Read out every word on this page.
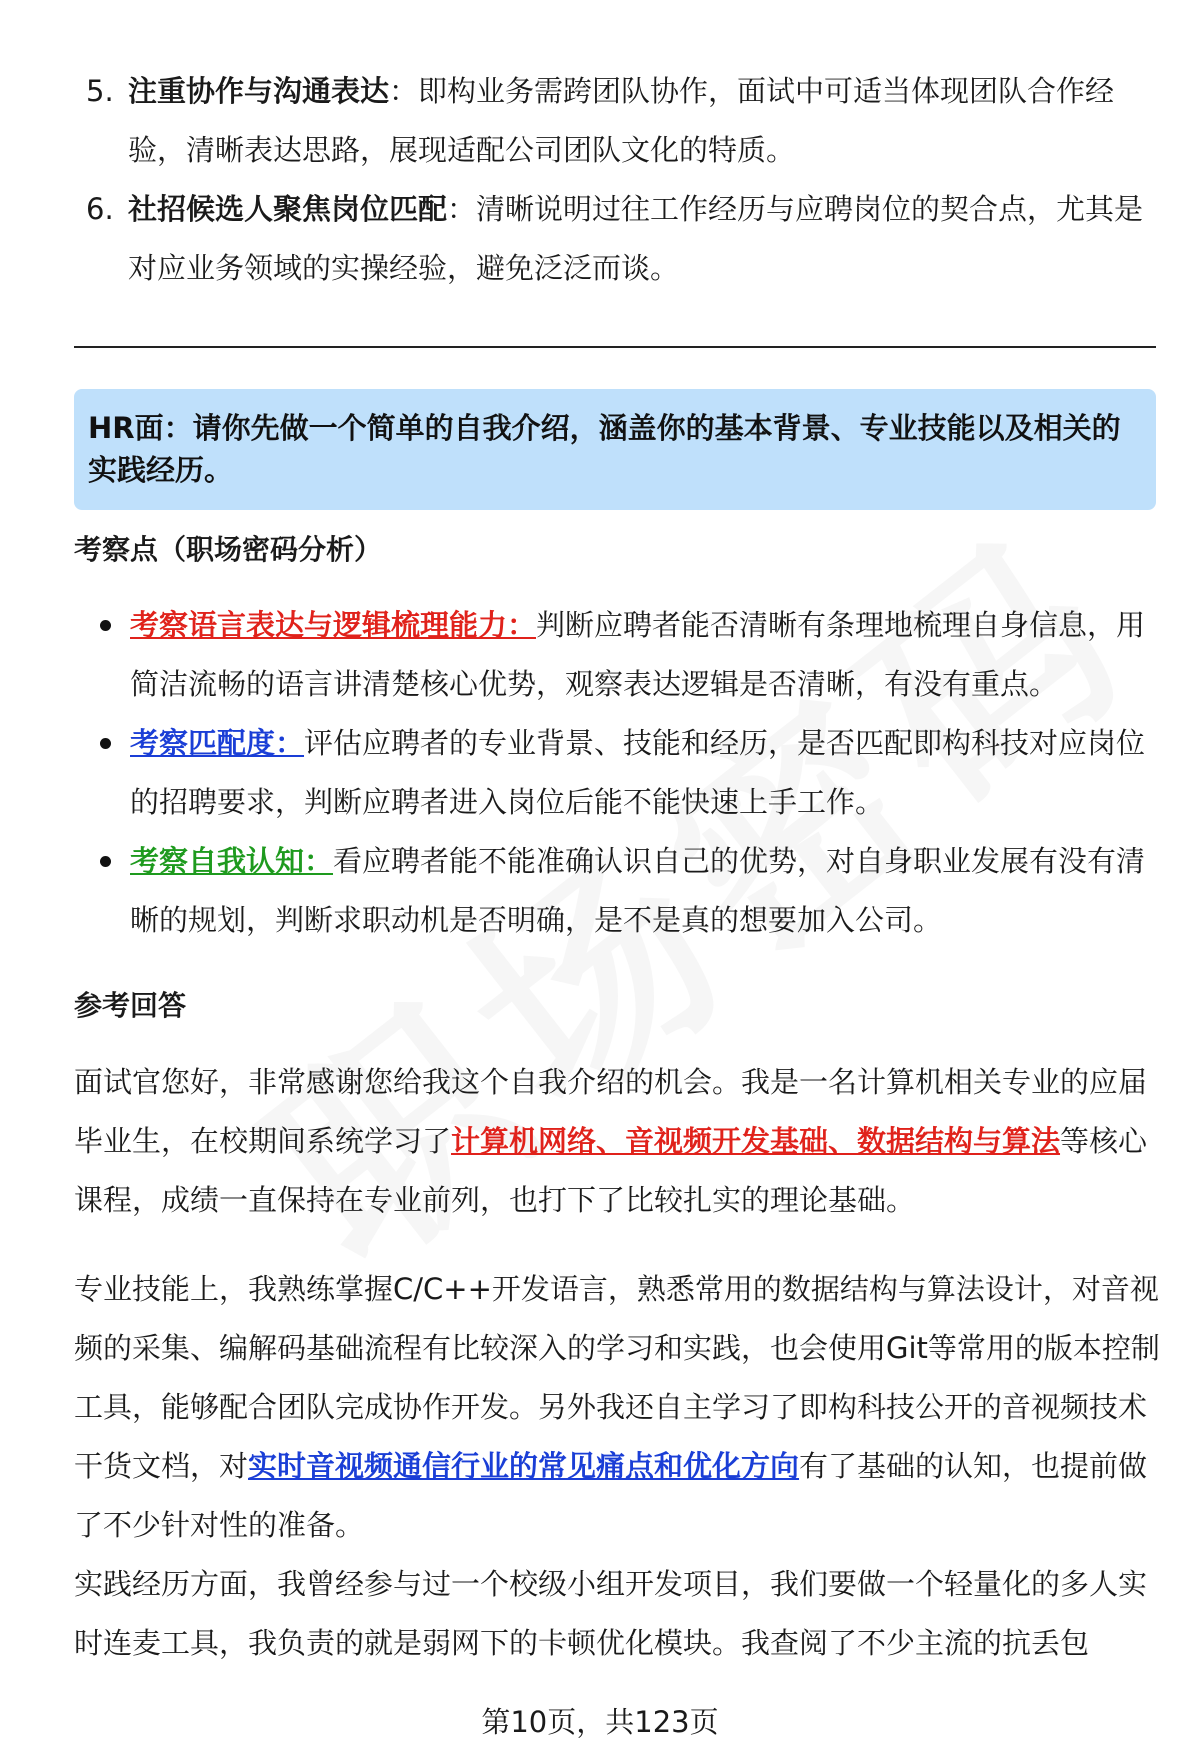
5. 注重协作与沟通表达：即构业务需跨团队协作，面试中可适当体现团队合作经验，清晰表达思路，展现适配公司团队文化的特质。
6. 社招候选人聚焦岗位匹配：清晰说明过往工作经历与应聘岗位的契合点，尤其是对应业务领域的实操经验，避免泛泛而谈。
HR面：请你先做一个简单的自我介绍，涵盖你的基本背景、专业技能以及相关的实践经历。
考察点（职场密码分析）
考察语言表达与逻辑梳理能力：判断应聘者能否清晰有条理地梳理自身信息，用简洁流畅的语言讲清楚核心优势，观察表达逻辑是否清晰，有没有重点。
考察匹配度：评估应聘者的专业背景、技能和经历，是否匹配即构科技对应岗位的招聘要求，判断应聘者进入岗位后能不能快速上手工作。
考察自我认知：看应聘者能不能准确认识自己的优势，对自身职业发展有没有清晰的规划，判断求职动机是否明确，是不是真的想要加入公司。
参考回答
面试官您好，非常感谢您给我这个自我介绍的机会。我是一名计算机相关专业的应届毕业生，在校期间系统学习了计算机网络、音视频开发基础、数据结构与算法等核心课程，成绩一直保持在专业前列，也打下了比较扎实的理论基础。
专业技能上，我熟练掌握C/C++开发语言，熟悉常用的数据结构与算法设计，对音视频的采集、编解码基础流程有比较深入的学习和实践，也会使用Git等常用的版本控制工具，能够配合团队完成协作开发。另外我还自主学习了即构科技公开的音视频技术干货文档，对实时音视频通信行业的常见痛点和优化方向有了基础的认知，也提前做了不少针对性的准备。
实践经历方面，我曾经参与过一个校级小组开发项目，我们要做一个轻量化的多人实时连麦工具，我负责的就是弱网下的卡顿优化模块。我查阅了不少主流的抗丢包
第10页，共123页
